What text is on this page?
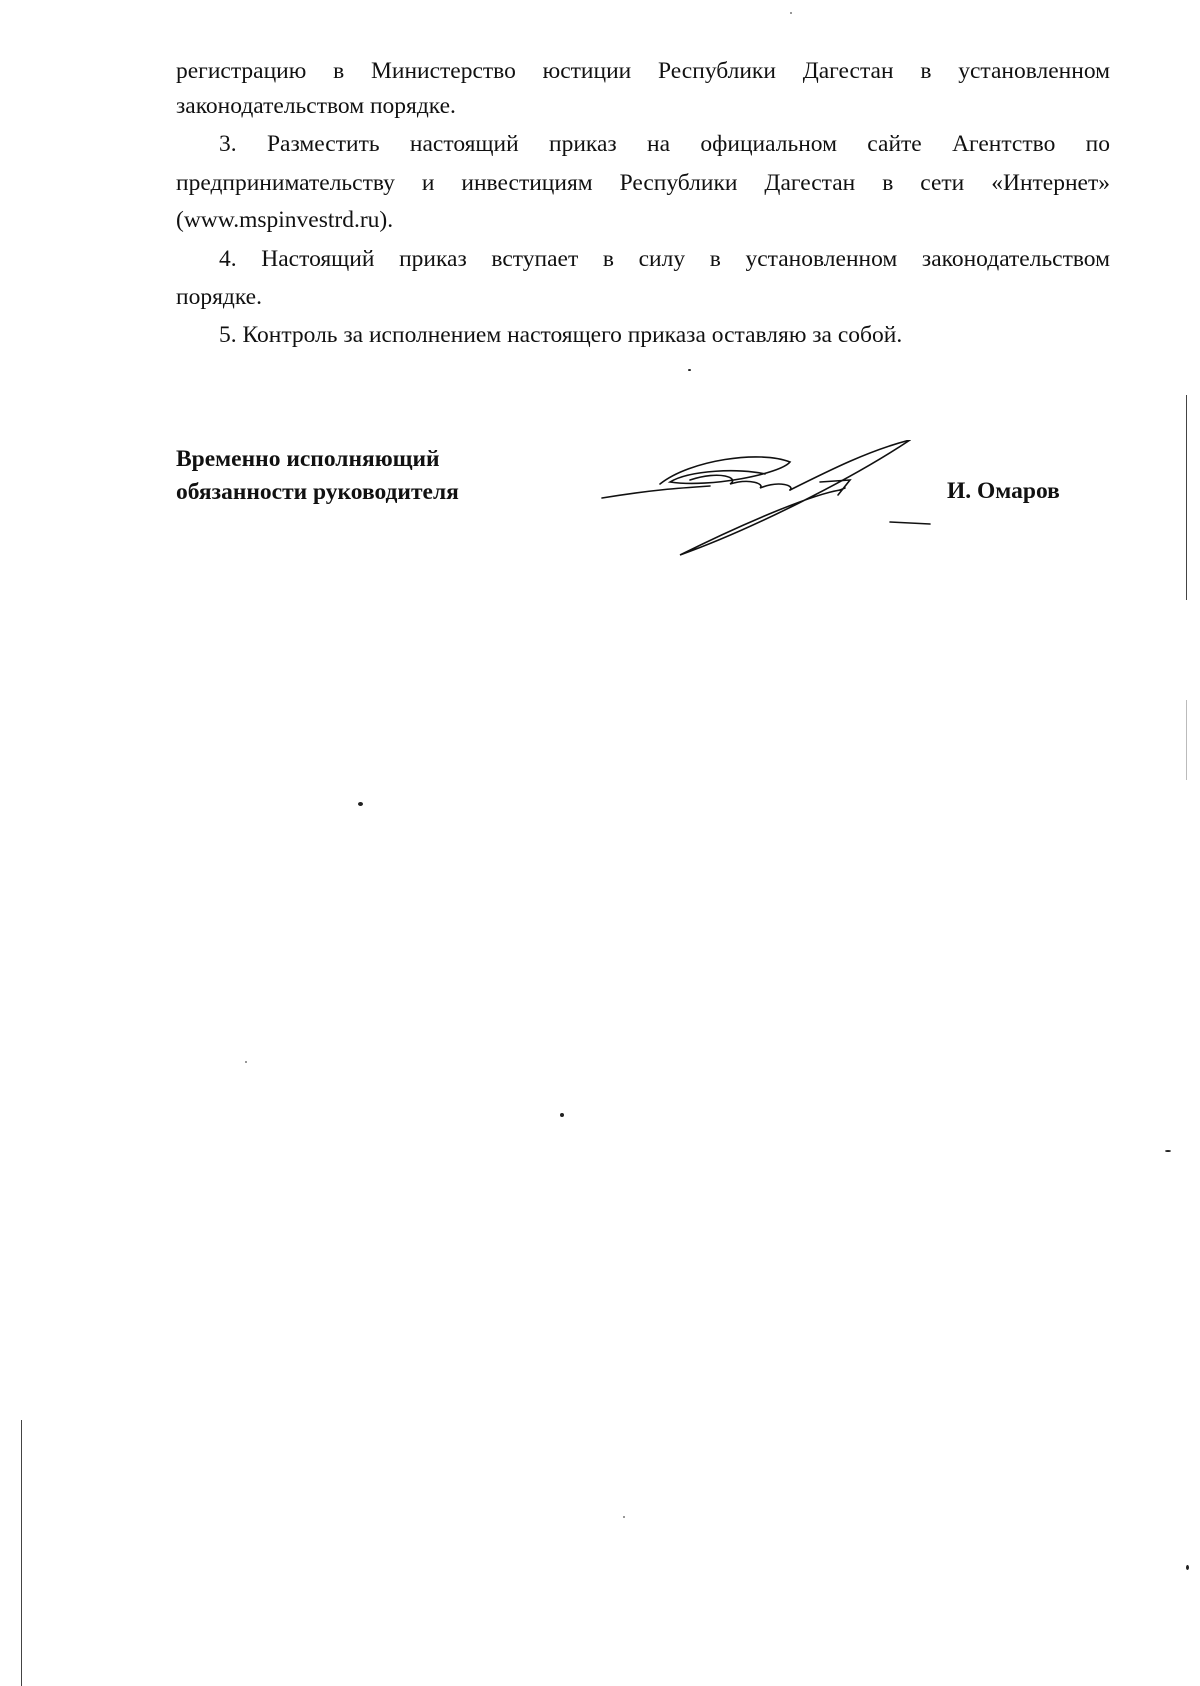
регистрацию в Министерство юстиции Республики Дагестан в установленном
законодательством порядке.
3. Разместить настоящий приказ на официальном сайте Агентство по
предпринимательству и инвестициям Республики Дагестан в сети «Интернет»
(www.mspinvestrd.ru).
4. Настоящий приказ вступает в силу в установленном законодательством
порядке.
5. Контроль за исполнением настоящего приказа оставляю за собой.
Временно исполняющий
обязанности руководителя	И. Омаров
